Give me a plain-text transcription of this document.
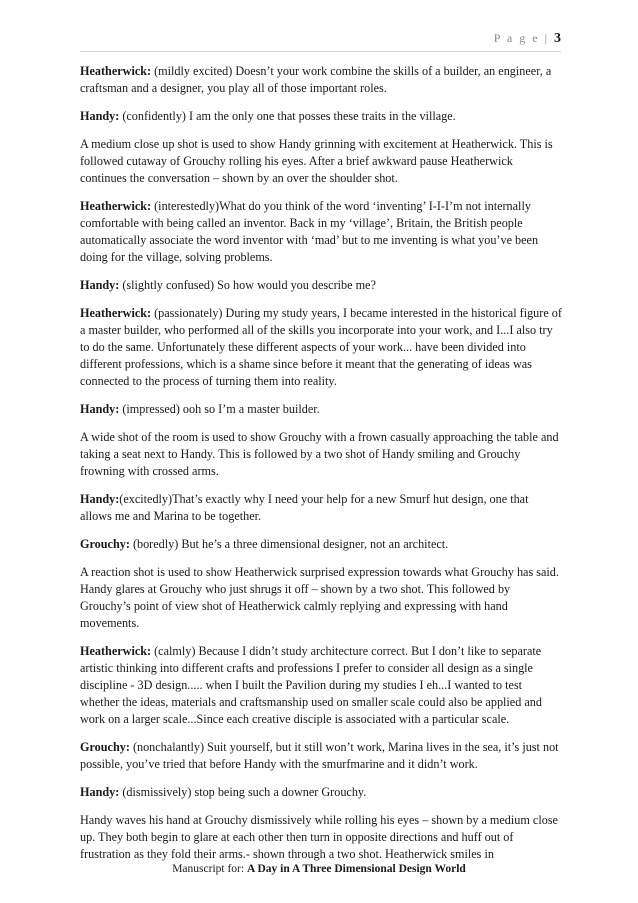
P a g e | 3

Heatherwick: (mildly excited) Doesn’t your work combine the skills of a builder, an engineer, a craftsman and a designer, you play all of those important roles.

Handy: (confidently) I am the only one that posses these traits in the village.

A medium close up shot is used to show Handy grinning with excitement at Heatherwick. This is followed cutaway of Grouchy rolling his eyes. After a brief awkward pause Heatherwick continues the conversation – shown by an over the shoulder shot.

Heatherwick: (interestedly)What do you think of the word ‘inventing’ I-I-I’m not internally comfortable with being called an inventor. Back in my ‘village’, Britain, the British people automatically associate the word inventor with ‘mad’ but to me inventing is what you’ve been doing for the village, solving problems.

Handy: (slightly confused) So how would you describe me?

Heatherwick: (passionately) During my study years, I became interested in the historical figure of a master builder, who performed all of the skills you incorporate into your work, and I...I also try to do the same. Unfortunately these different aspects of your work... have been divided into different professions, which is a shame since before it meant that the generating of ideas was connected to the process of turning them into reality.

Handy: (impressed) ooh so I’m a master builder.

A wide shot of the room is used to show Grouchy with a frown casually approaching the table and taking a seat next to Handy. This is followed by a two shot of Handy smiling and Grouchy frowning with crossed arms.

Handy:(excitedly)That’s exactly why I need your help for a new Smurf hut design, one that allows me and Marina to be together.

Grouchy: (boredly) But he’s a three dimensional designer, not an architect.

A reaction shot is used to show Heatherwick surprised expression towards what Grouchy has said. Handy glares at Grouchy who just shrugs it off – shown by a two shot. This followed by Grouchy’s point of view shot of Heatherwick calmly replying and expressing with hand movements.

Heatherwick: (calmly) Because I didn’t study architecture correct. But I don’t like to separate artistic thinking into different crafts and professions I prefer to consider all design as a single discipline - 3D design..... when I built the Pavilion during my studies I eh...I wanted to test whether the ideas, materials and craftsmanship used on smaller scale could also be applied and work on a larger scale...Since each creative disciple is associated with a particular scale.

Grouchy: (nonchalantly) Suit yourself, but it still won’t work, Marina lives in the sea, it’s just not possible, you’ve tried that before Handy with the smurfmarine and it didn’t work.

Handy: (dismissively) stop being such a downer Grouchy.

Handy waves his hand at Grouchy dismissively while rolling his eyes – shown by a medium close up. They both begin to glare at each other then turn in opposite directions and huff out of frustration as they fold their arms.- shown through a two shot. Heatherwick smiles in

Manuscript for: A Day in A Three Dimensional Design World
